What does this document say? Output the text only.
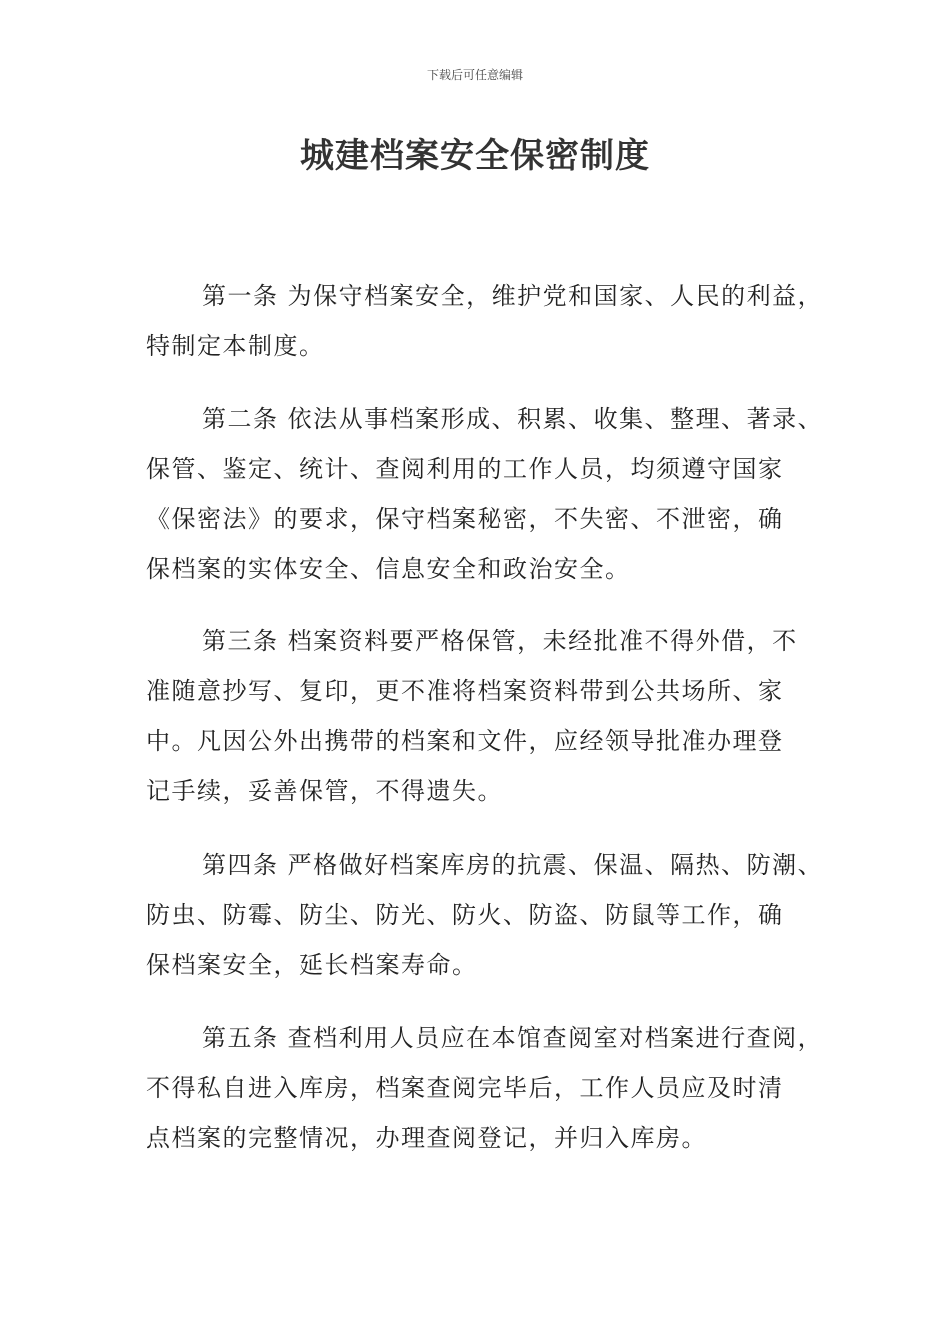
下载后可任意编辑
城建档案安全保密制度
第一条 为保守档案安全，维护党和国家、人民的利益，
特制定本制度。
第二条 依法从事档案形成、积累、收集、整理、著录、
保管、鉴定、统计、查阅利用的工作人员，均须遵守国家
《保密法》的要求，保守档案秘密，不失密、不泄密，确
保档案的实体安全、信息安全和政治安全。
第三条 档案资料要严格保管，未经批准不得外借，不
准随意抄写、复印，更不准将档案资料带到公共场所、家
中。凡因公外出携带的档案和文件，应经领导批准办理登
记手续，妥善保管，不得遗失。
第四条 严格做好档案库房的抗震、保温、隔热、防潮、
防虫、防霉、防尘、防光、防火、防盗、防鼠等工作，确
保档案安全，延长档案寿命。
第五条 查档利用人员应在本馆查阅室对档案进行查阅，
不得私自进入库房，档案查阅完毕后，工作人员应及时清
点档案的完整情况，办理查阅登记，并归入库房。
